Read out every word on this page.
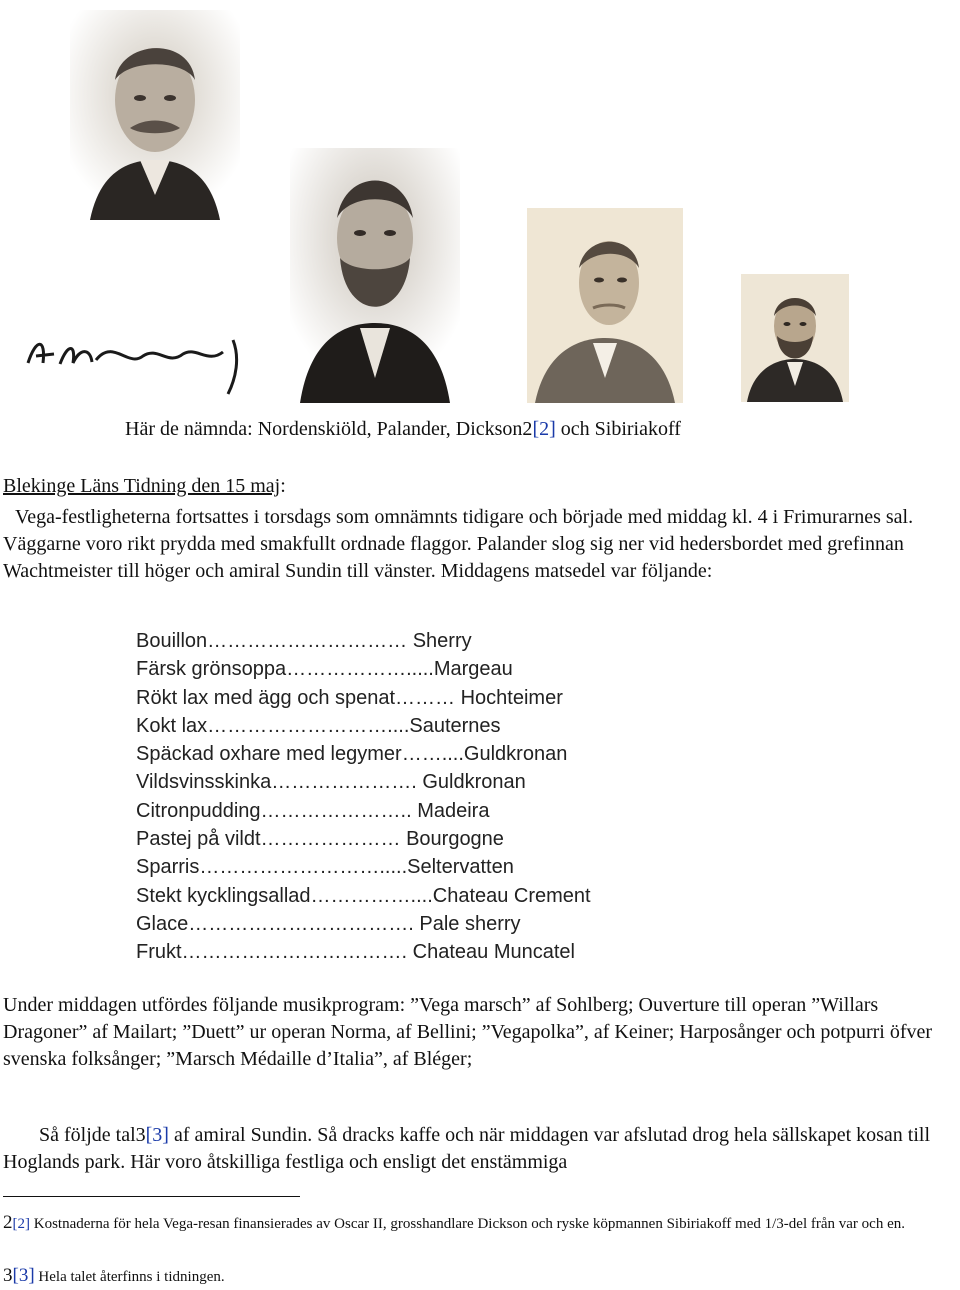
Här de nämnda: Nordenskiöld, Palander, Dickson2[2] och Sibiriakoff
Blekinge Läns Tidning den 15 maj:
Vega-festligheterna fortsattes i torsdags som omnämnts tidigare och började med middag kl. 4 i Frimurarnes sal. Väggarne voro rikt prydda med smakfullt ordnade flaggor. Palander slog sig ner vid hedersbordet med grefinnan Wachtmeister till höger och amiral Sundin till vänster. Middagens matsedel var följande:
Bouillon………………………… Sherry
Färsk grönsoppa……………….....Margeau
Rökt lax med ägg och spenat……… Hochteimer
Kokt lax………………………....Sauternes
Späckad oxhare med legymer……....Guldkronan
Vildsvinsskinka…………………. Guldkronan
Citronpudding………………….. Madeira
Pastej på vildt………………… Bourgogne
Sparris……………………….....Seltervatten
Stekt kycklingsallad……………....Chateau Crement
Glace……………………………. Pale sherry
Frukt……………………………. Chateau Muncatel
Under middagen utfördes följande musikprogram: ”Vega marsch” af Sohlberg; Ouverture till operan ”Willars Dragoner” af Mailart; ”Duett” ur operan Norma, af Bellini; ”Vegapolka”, af Keiner; Harposånger och potpurri öfver svenska folksånger; ”Marsch Médaille d’Italia”, af Bléger;
Så följde tal3[3] af amiral Sundin. Så dracks kaffe och när middagen var afslutad drog hela sällskapet kosan till Hoglands park. Här voro åtskilliga festliga och ensligt det enstämmiga
2[2] Kostnaderna för hela Vega-resan finansierades av Oscar II, grosshandlare Dickson och ryske köpmannen Sibiriakoff med 1/3-del från var och en.
3[3] Hela talet återfinns i tidningen.
